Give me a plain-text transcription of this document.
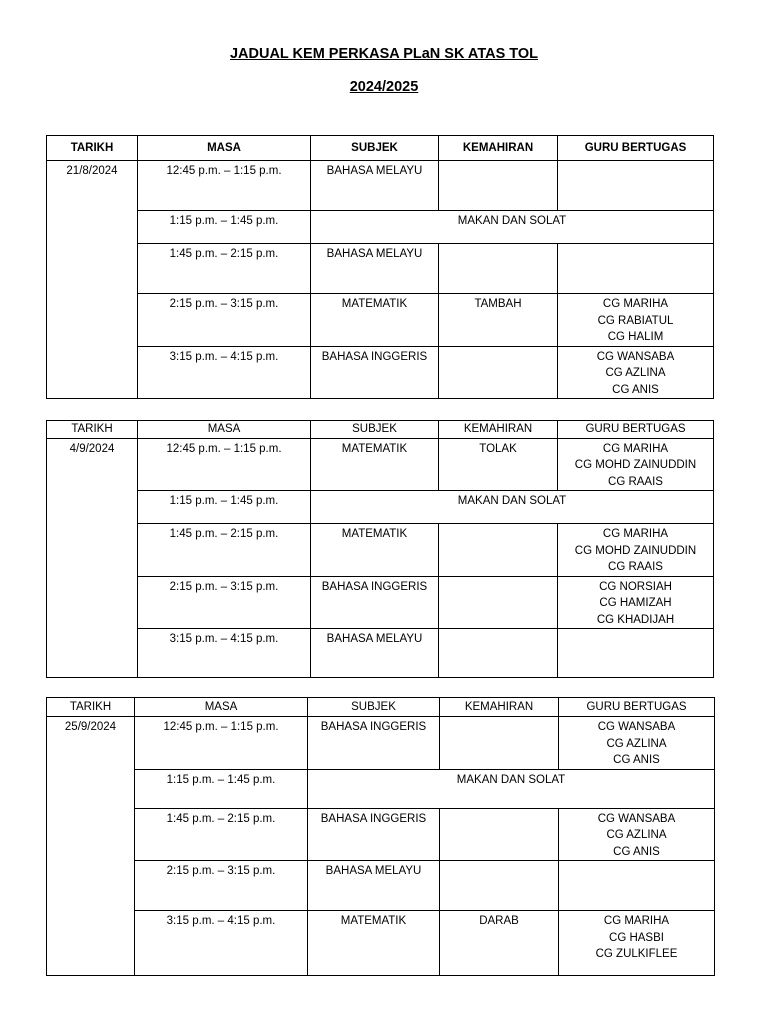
JADUAL KEM PERKASA PLaN SK ATAS TOL
2024/2025
TARIKH	MASA	SUBJEK	KEMAHIRAN	GURU BERTUGAS
21/8/2024	12:45 p.m. – 1:15 p.m.	BAHASA MELAYU		
	1:15 p.m. – 1:45 p.m.	MAKAN DAN SOLAT		
	1:45 p.m. – 2:15 p.m.	BAHASA MELAYU		
	2:15 p.m. – 3:15 p.m.	MATEMATIK	TAMBAH	CG MARIHA
CG RABIATUL
CG HALIM

	3:15 p.m. – 4:15 p.m.	BAHASA INGGERIS		CG WANSABA
CG AZLINA
CG ANIS
TARIKH	MASA	SUBJEK	KEMAHIRAN	GURU BERTUGAS
4/9/2024	12:45 p.m. – 1:15 p.m.	MATEMATIK	TOLAK	CG MARIHA
CG MOHD ZAINUDDIN
CG RAAIS

	1:15 p.m. – 1:45 p.m.	MAKAN DAN SOLAT		
	1:45 p.m. – 2:15 p.m.	MATEMATIK		CG MARIHA
CG MOHD ZAINUDDIN
CG RAAIS

	2:15 p.m. – 3:15 p.m.	BAHASA INGGERIS		CG NORSIAH
CG HAMIZAH
CG KHADIJAH

	3:15 p.m. – 4:15 p.m.	BAHASA MELAYU		
TARIKH	MASA	SUBJEK	KEMAHIRAN	GURU BERTUGAS
25/9/2024	12:45 p.m. – 1:15 p.m.	BAHASA INGGERIS		CG WANSABA
CG AZLINA
CG ANIS

	1:15 p.m. – 1:45 p.m.	MAKAN DAN SOLAT		
	1:45 p.m. – 2:15 p.m.	BAHASA INGGERIS		CG WANSABA
CG AZLINA
CG ANIS

	2:15 p.m. – 3:15 p.m.	BAHASA MELAYU		
	3:15 p.m. – 4:15 p.m.	MATEMATIK	DARAB	CG MARIHA
CG HASBI
CG ZULKIFLEE
